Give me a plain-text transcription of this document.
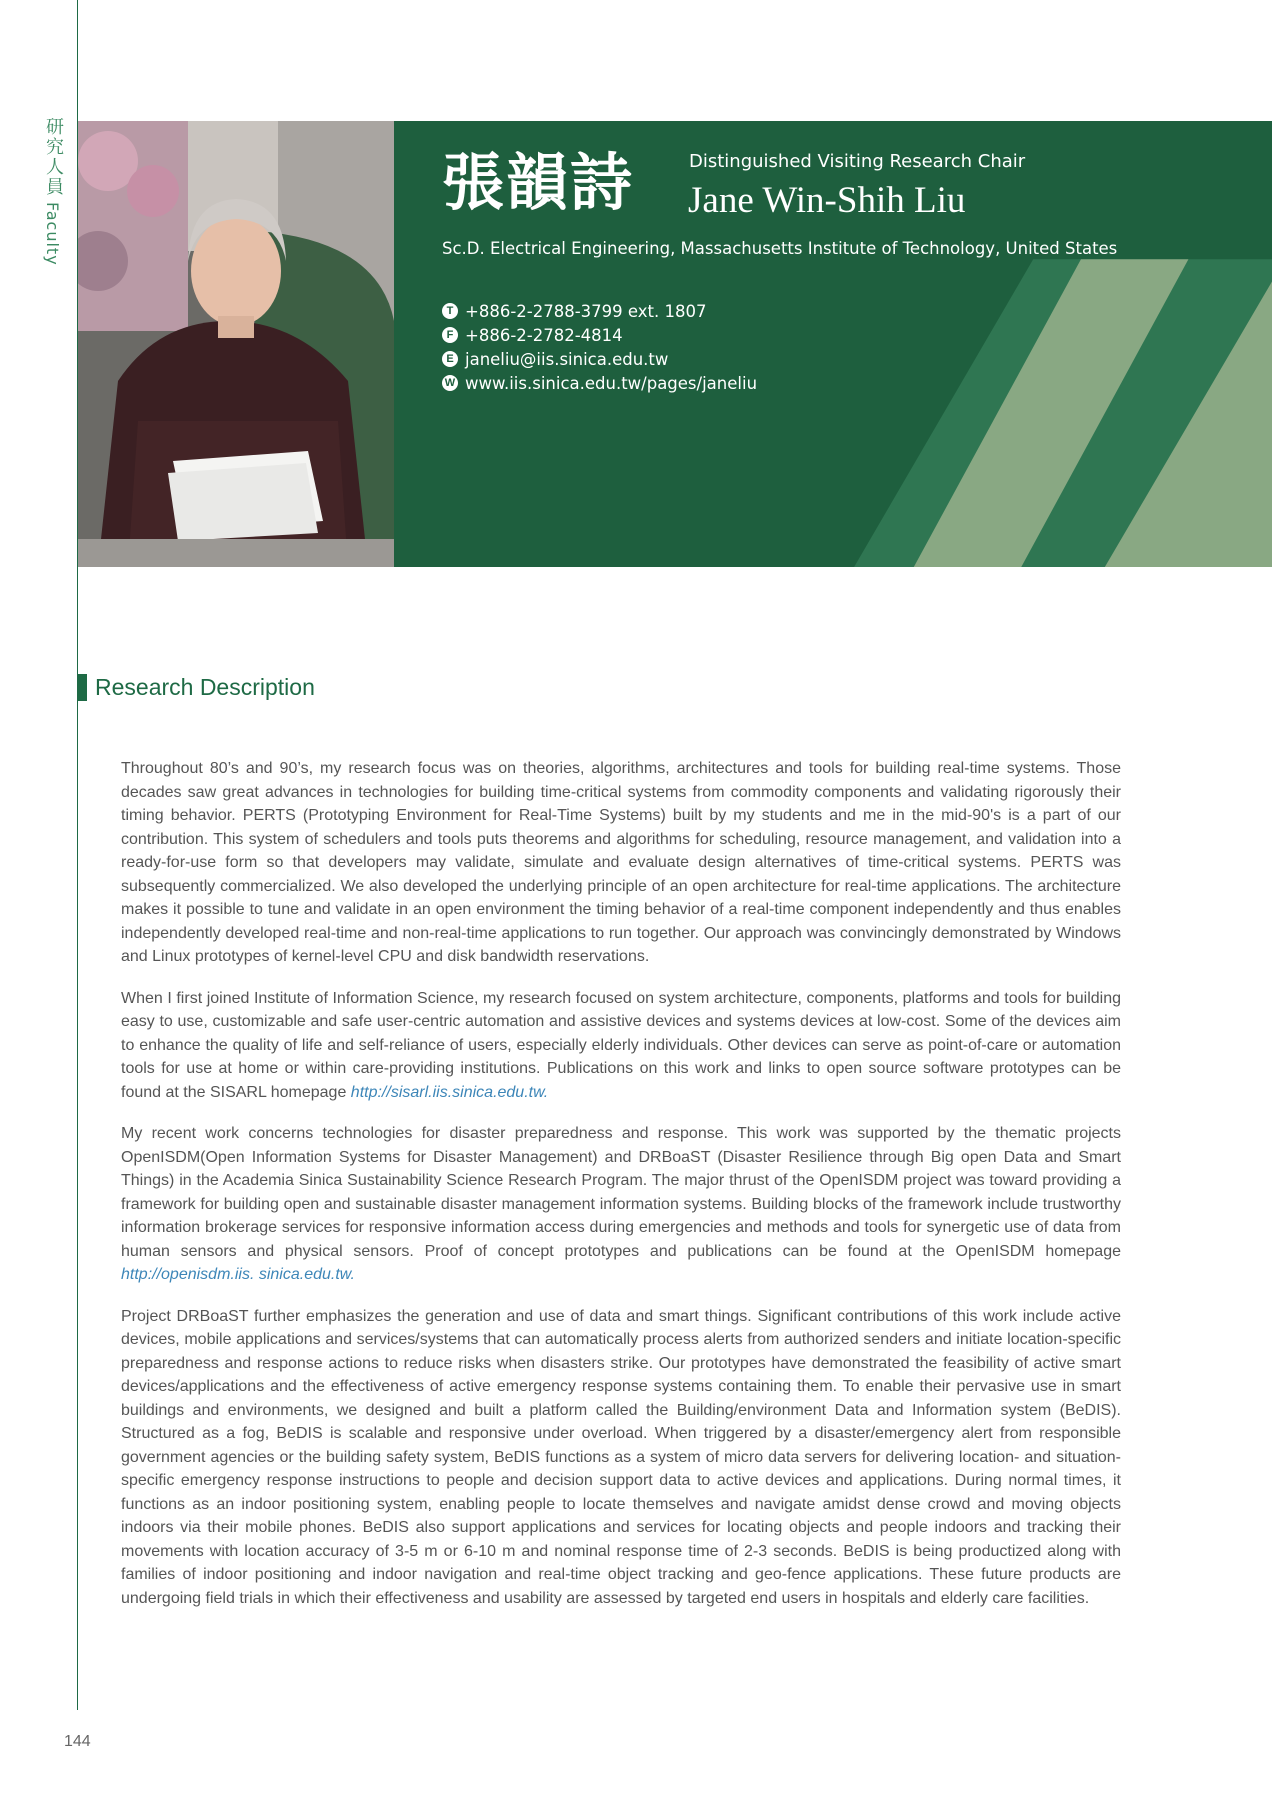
研究人員
Faculty
張韻詩	Distinguished Visiting Research Chair
Jane Win-Shih Liu
Sc.D. Electrical Engineering, Massachusetts Institute of Technology, United States
T +886-2-2788-3799 ext. 1807
F +886-2-2782-4814
E janeliu@iis.sinica.edu.tw
W www.iis.sinica.edu.tw/pages/janeliu
Research Description

Throughout 80’s and 90’s, my research focus was on theories, algorithms, architectures and tools for building real-time systems. Those decades saw great advances in technologies for building time-critical systems from commodity components and validating rigorously their timing behavior. PERTS (Prototyping Environment for Real-Time Systems) built by my students and me in the mid-90's is a part of our contribution. This system of schedulers and tools puts theorems and algorithms for scheduling, resource management, and validation into a ready-for-use form so that developers may validate, simulate and evaluate design alternatives of time-critical systems. PERTS was subsequently commercialized. We also developed the underlying principle of an open architecture for real-time applications. The architecture makes it possible to tune and validate in an open environment the timing behavior of a real-time component independently and thus enables independently developed real-time and non-real-time applications to run together. Our approach was convincingly demonstrated by Windows and Linux prototypes of kernel-level CPU and disk bandwidth reservations.

When I first joined Institute of Information Science, my research focused on system architecture, components, platforms and tools for building easy to use, customizable and safe user-centric automation and assistive devices and systems devices at low-cost. Some of the devices aim to enhance the quality of life and self-reliance of users, especially elderly individuals. Other devices can serve as point-of-care or automation tools for use at home or within care-providing institutions. Publications on this work and links to open source software prototypes can be found at the SISARL homepage http://sisarl.iis.sinica.edu.tw.

My recent work concerns technologies for disaster preparedness and response. This work was supported by the thematic projects OpenISDM(Open Information Systems for Disaster Management) and DRBoaST (Disaster Resilience through Big open Data and Smart Things) in the Academia Sinica Sustainability Science Research Program. The major thrust of the OpenISDM project was toward providing a framework for building open and sustainable disaster management information systems. Building blocks of the framework include trustworthy information brokerage services for responsive information access during emergencies and methods and tools for synergetic use of data from human sensors and physical sensors. Proof of concept prototypes and publications can be found at the OpenISDM homepage http://openisdm.iis. sinica.edu.tw.

Project DRBoaST further emphasizes the generation and use of data and smart things. Significant contributions of this work include active devices, mobile applications and services/systems that can automatically process alerts from authorized senders and initiate location-specific preparedness and response actions to reduce risks when disasters strike. Our prototypes have demonstrated the feasibility of active smart devices/applications and the effectiveness of active emergency response systems containing them. To enable their pervasive use in smart buildings and environments, we designed and built a platform called the Building/environment Data and Information system (BeDIS). Structured as a fog, BeDIS is scalable and responsive under overload. When triggered by a disaster/emergency alert from responsible government agencies or the building safety system, BeDIS functions as a system of micro data servers for delivering location- and situation-specific emergency response instructions to people and decision support data to active devices and applications. During normal times, it functions as an indoor positioning system, enabling people to locate themselves and navigate amidst dense crowd and moving objects indoors via their mobile phones. BeDIS also support applications and services for locating objects and people indoors and tracking their movements with location accuracy of 3-5 m or 6-10 m and nominal response time of 2-3 seconds. BeDIS is being productized along with families of indoor positioning and indoor navigation and real-time object tracking and geo-fence applications. These future products are undergoing field trials in which their effectiveness and usability are assessed by targeted end users in hospitals and elderly care facilities.

144
